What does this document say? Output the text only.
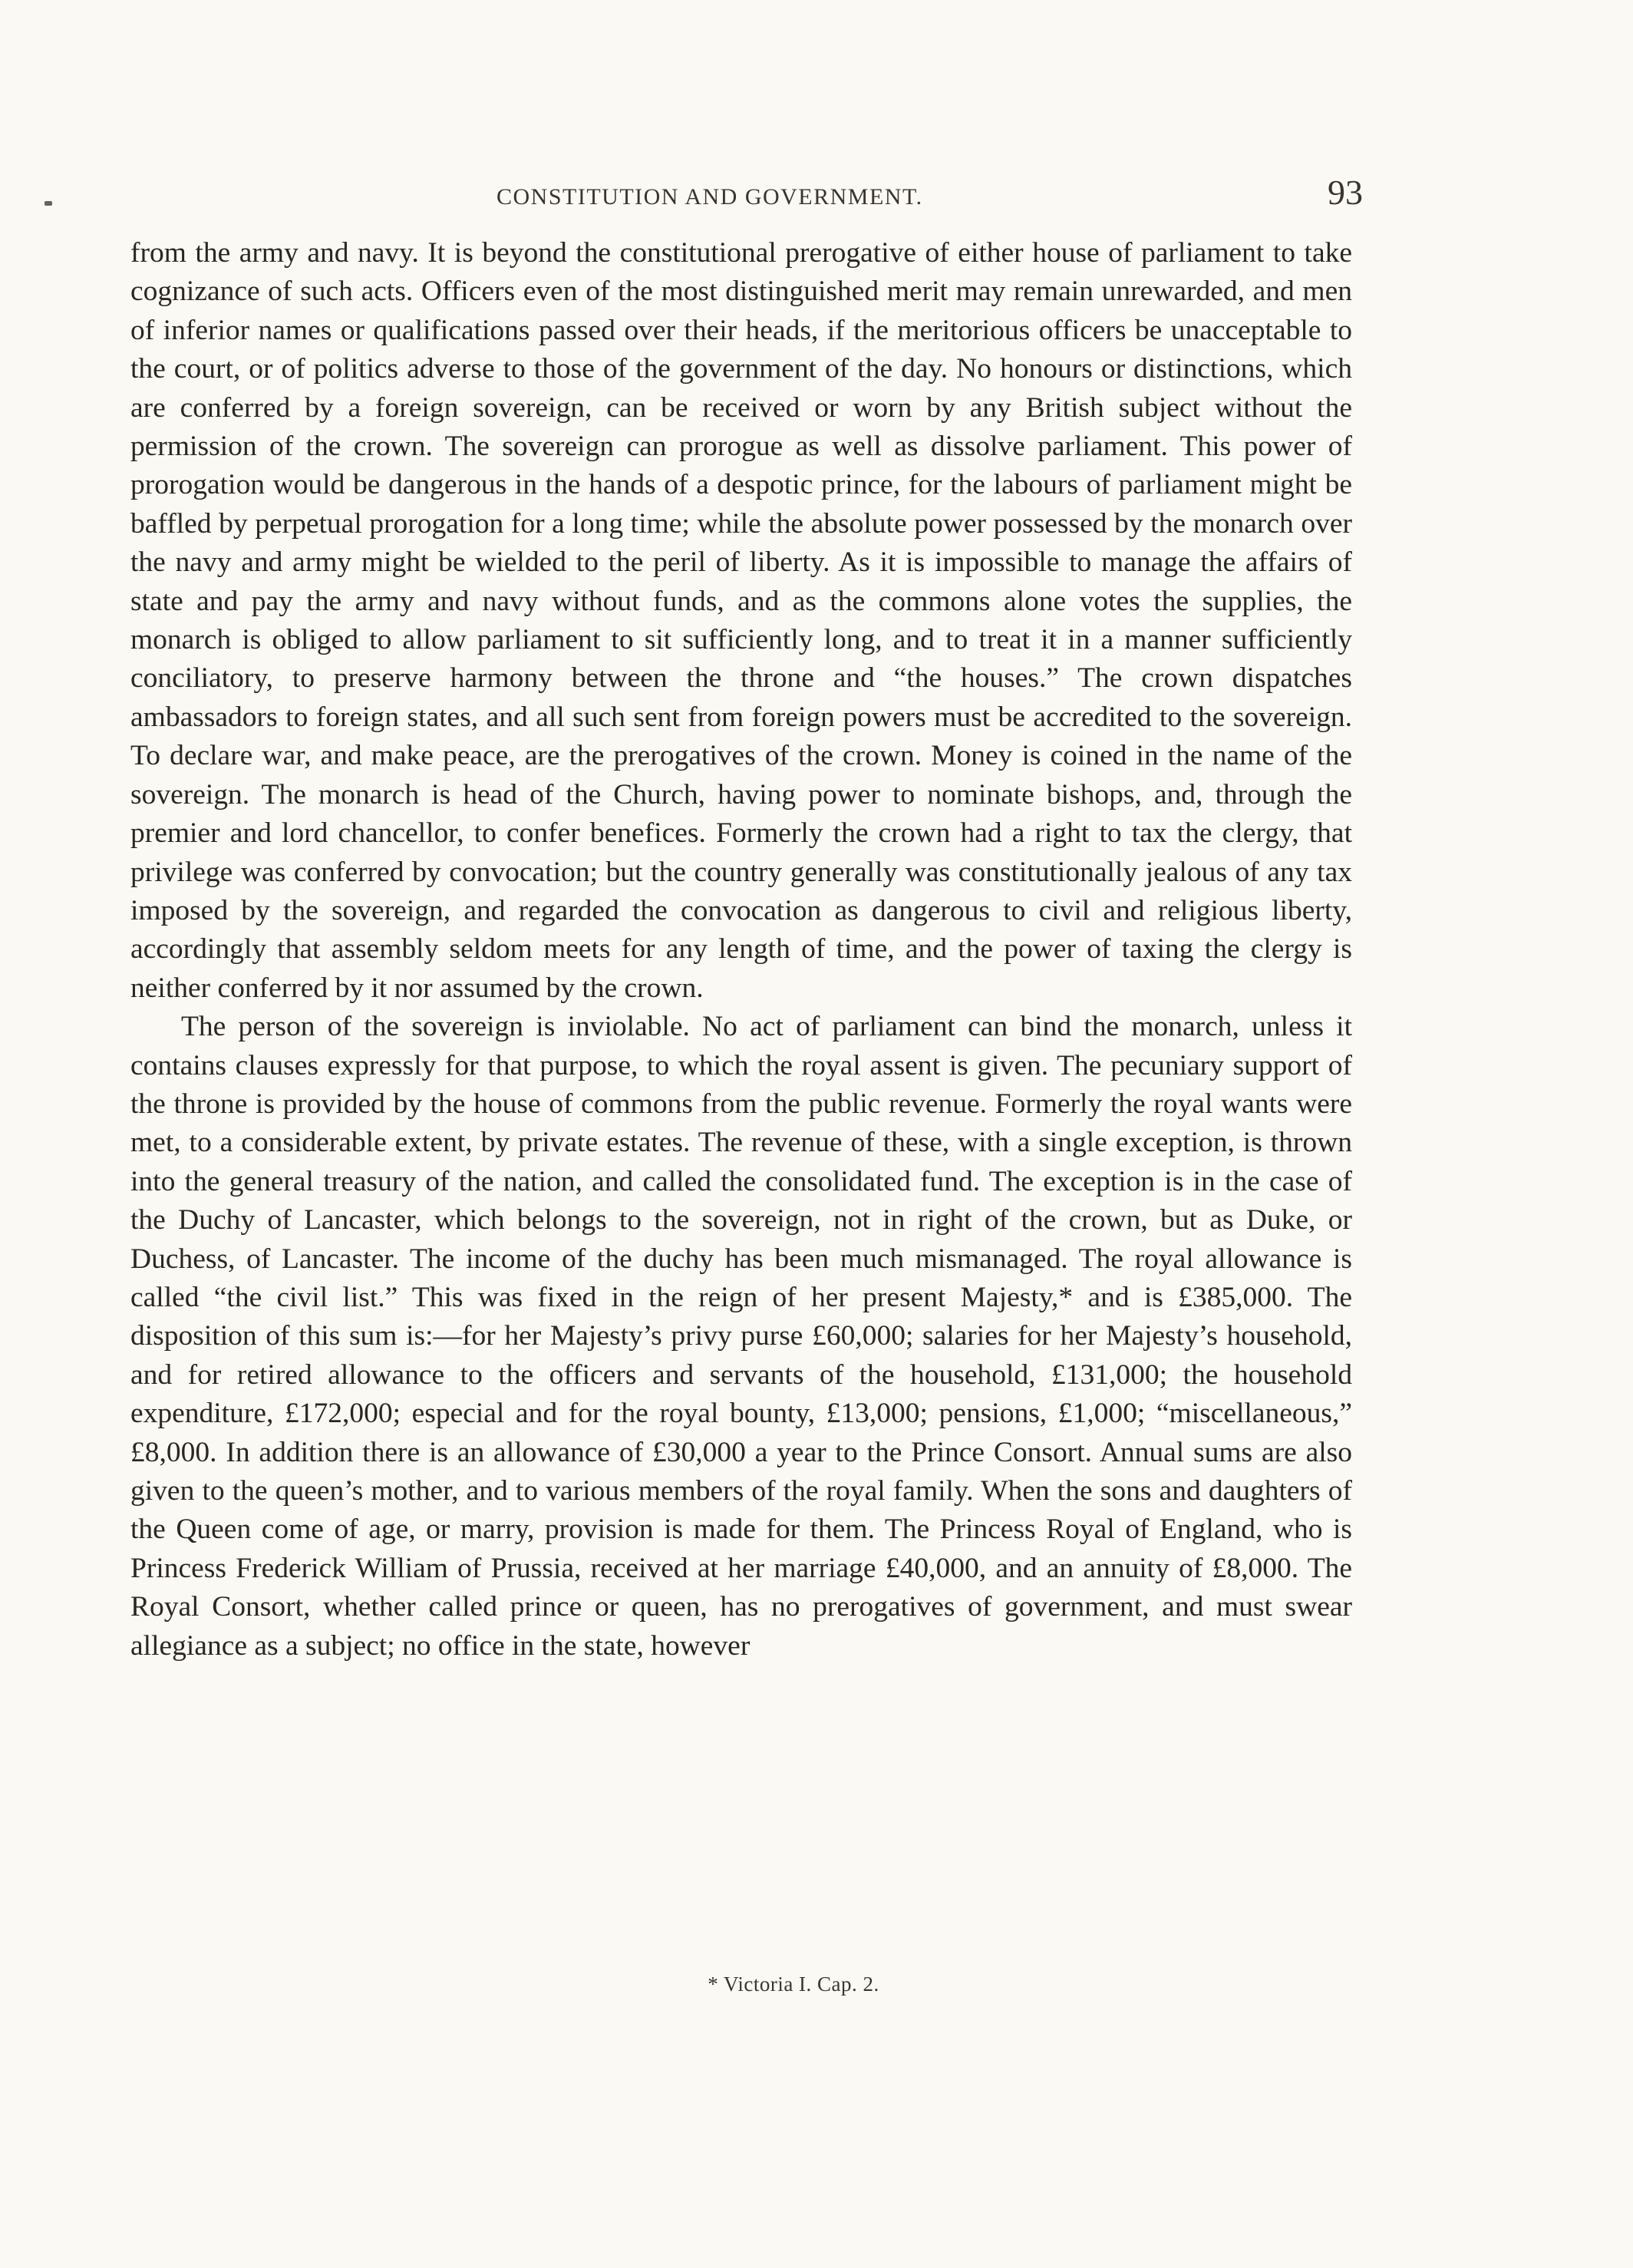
CONSTITUTION AND GOVERNMENT.	93

from the army and navy. It is beyond the constitutional prerogative of either house of parliament to take cognizance of such acts. Officers even of the most distinguished merit may remain unrewarded, and men of inferior names or qualifications passed over their heads, if the meritorious officers be unacceptable to the court, or of politics adverse to those of the government of the day. No honours or distinctions, which are conferred by a foreign sovereign, can be received or worn by any British subject without the permission of the crown. The sovereign can prorogue as well as dissolve parliament. This power of prorogation would be dangerous in the hands of a despotic prince, for the labours of parliament might be baffled by perpetual prorogation for a long time; while the absolute power possessed by the monarch over the navy and army might be wielded to the peril of liberty. As it is impossible to manage the affairs of state and pay the army and navy without funds, and as the commons alone votes the supplies, the monarch is obliged to allow parliament to sit sufficiently long, and to treat it in a manner sufficiently conciliatory, to preserve harmony between the throne and “the houses.” The crown dispatches ambassadors to foreign states, and all such sent from foreign powers must be accredited to the sovereign. To declare war, and make peace, are the prerogatives of the crown. Money is coined in the name of the sovereign. The monarch is head of the Church, having power to nominate bishops, and, through the premier and lord chancellor, to confer benefices. Formerly the crown had a right to tax the clergy, that privilege was conferred by convocation; but the country generally was constitutionally jealous of any tax imposed by the sovereign, and regarded the convocation as dangerous to civil and religious liberty, accordingly that assembly seldom meets for any length of time, and the power of taxing the clergy is neither conferred by it nor assumed by the crown.

The person of the sovereign is inviolable. No act of parliament can bind the monarch, unless it contains clauses expressly for that purpose, to which the royal assent is given. The pecuniary support of the throne is provided by the house of commons from the public revenue. Formerly the royal wants were met, to a considerable extent, by private estates. The revenue of these, with a single exception, is thrown into the general treasury of the nation, and called the consolidated fund. The exception is in the case of the Duchy of Lancaster, which belongs to the sovereign, not in right of the crown, but as Duke, or Duchess, of Lancaster. The income of the duchy has been much mismanaged. The royal allowance is called “the civil list.” This was fixed in the reign of her present Majesty,* and is £385,000. The disposition of this sum is:—for her Majesty’s privy purse £60,000; salaries for her Majesty’s household, and for retired allowance to the officers and servants of the household, £131,000; the household expenditure, £172,000; especial and for the royal bounty, £13,000; pensions, £1,000; “miscellaneous,” £8,000. In addition there is an allowance of £30,000 a year to the Prince Consort. Annual sums are also given to the queen’s mother, and to various members of the royal family. When the sons and daughters of the Queen come of age, or marry, provision is made for them. The Princess Royal of England, who is Princess Frederick William of Prussia, received at her marriage £40,000, and an annuity of £8,000. The Royal Consort, whether called prince or queen, has no prerogatives of government, and must swear allegiance as a subject; no office in the state, however

* Victoria I. Cap. 2.
